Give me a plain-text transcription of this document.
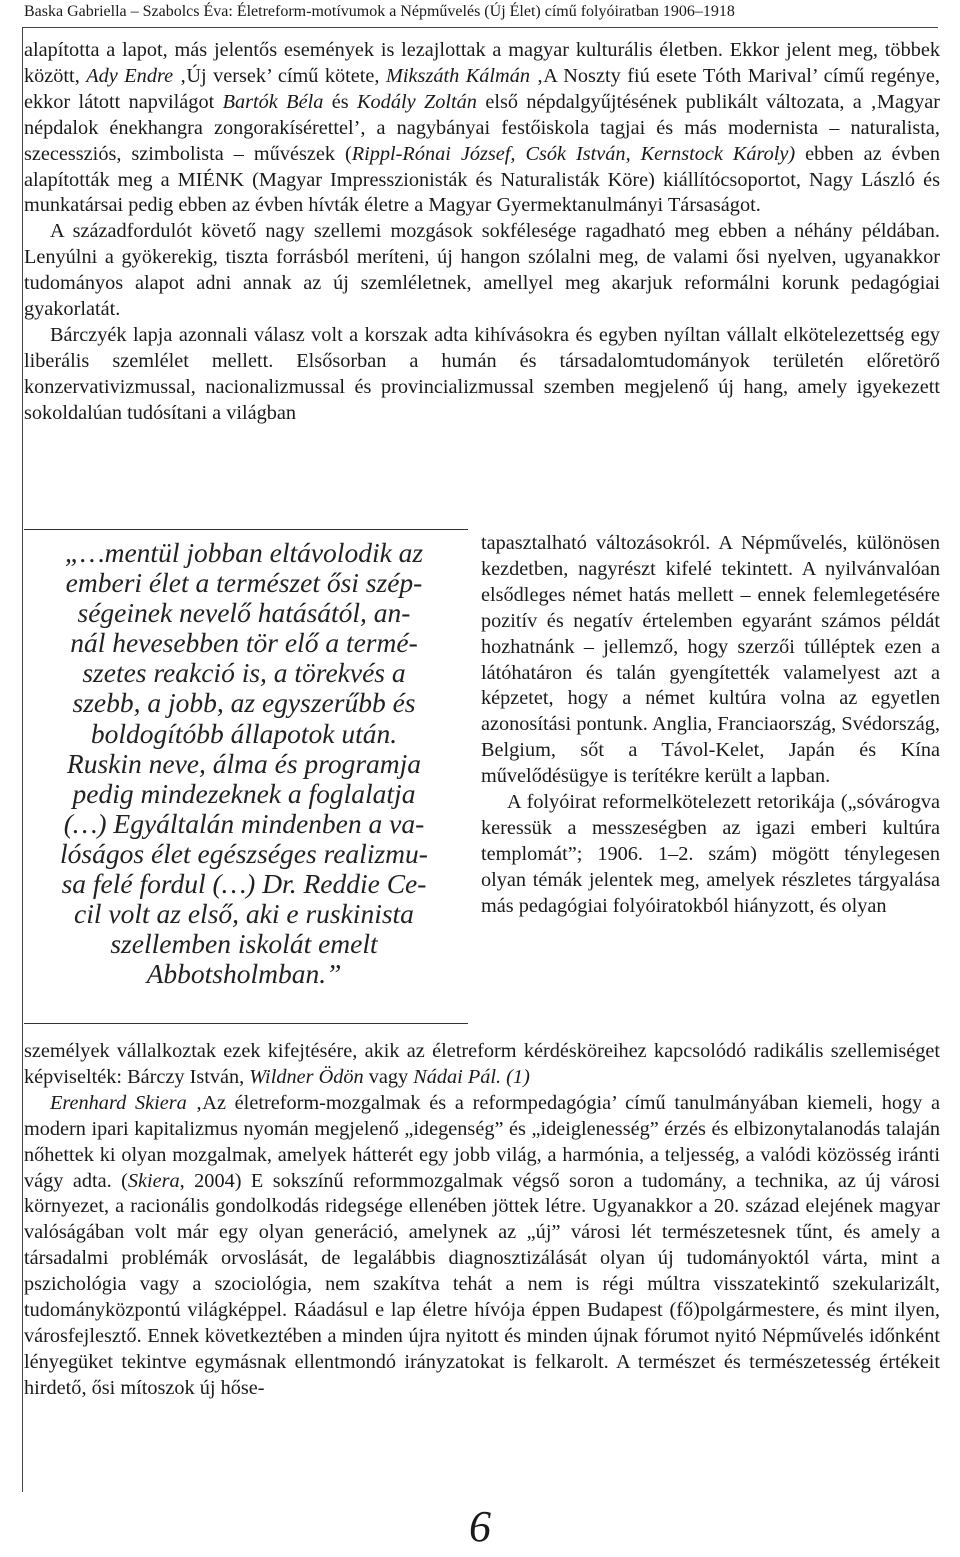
Baska Gabriella – Szabolcs Éva: Életreform-motívumok a Népművelés (Új Élet) című folyóiratban 1906–1918

alapította a lapot, más jelentős események is lezajlottak a magyar kulturális életben. Ekkor jelent meg, többek között, Ady Endre ‚Új versek’ című kötete, Mikszáth Kálmán ‚A Noszty fiú esete Tóth Marival’ című regénye, ekkor látott napvilágot Bartók Béla és Kodály Zoltán első népdalgyűjtésének publikált változata, a ‚Magyar népdalok énekhangra zongorakísérettel’, a nagybányai festőiskola tagjai és más modernista – naturalista, szecessziós, szimbolista – művészek (Rippl-Rónai József, Csók István, Kernstock Károly) ebben az évben alapították meg a MIÉNK (Magyar Impresszionisták és Naturalisták Köre) kiállítócsoportot, Nagy László és munkatársai pedig ebben az évben hívták életre a Magyar Gyermektanulmányi Társaságot.

A századfordulót követő nagy szellemi mozgások sokfélesége ragadható meg ebben a néhány példában. Lenyúlni a gyökerekig, tiszta forrásból meríteni, új hangon szólalni meg, de valami ősi nyelven, ugyanakkor tudományos alapot adni annak az új szemléletnek, amellyel meg akarjuk reformálni korunk pedagógiai gyakorlatát.

Bárczyék lapja azonnali válasz volt a korszak adta kihívásokra és egyben nyíltan vállalt elkötelezettség egy liberális szemlélet mellett. Elsősorban a humán és társadalomtudományok területén előretörő konzervativizmussal, nacionalizmussal és provincializmussal szemben megjelenő új hang, amely igyekezett sokoldalúan tudósítani a világban

„…mentül jobban eltávolodik az
emberi élet a természet ősi szép-
ségeinek nevelő hatásától, an-
nál hevesebben tör elő a termé-
szetes reakció is, a törekvés a
szebb, a jobb, az egyszerűbb és
boldogítóbb állapotok után.
Ruskin neve, álma és programja
pedig mindezeknek a foglalatja
(…) Egyáltalán mindenben a va-
lóságos élet egészséges realizmu-
sa felé fordul (…) Dr. Reddie Ce-
cil volt az első, aki e ruskinista
szellemben iskolát emelt
Abbotsholmban.”

tapasztalható változásokról. A Népművelés, különösen kezdetben, nagyrészt kifelé tekintett. A nyilvánvalóan elsődleges német hatás mellett – ennek felemlegetésére pozitív és negatív értelemben egyaránt számos példát hozhatnánk – jellemző, hogy szerzői túlléptek ezen a látóhatáron és talán gyengítették valamelyest azt a képzetet, hogy a német kultúra volna az egyetlen azonosítási pontunk. Anglia, Franciaország, Svédország, Belgium, sőt a Távol-Kelet, Japán és Kína művelődésügye is terítékre került a lapban.

A folyóirat reformelkötelezett retorikája („sóvárogva keressük a messzeségben az igazi emberi kultúra templomát”; 1906. 1–2. szám) mögött ténylegesen olyan témák jelentek meg, amelyek részletes tárgyalása más pedagógiai folyóiratokból hiányzott, és olyan

személyek vállalkoztak ezek kifejtésére, akik az életreform kérdésköreihez kapcsolódó radikális szellemiséget képviselték: Bárczy István, Wildner Ödön vagy Nádai Pál. (1)

Erenhard Skiera ‚Az életreform-mozgalmak és a reformpedagógia’ című tanulmányában kiemeli, hogy a modern ipari kapitalizmus nyomán megjelenő „idegenség” és „ideiglenesség” érzés és elbizonytalanodás talaján nőhettek ki olyan mozgalmak, amelyek hátterét egy jobb világ, a harmónia, a teljesség, a valódi közösség iránti vágy adta. (Skiera, 2004) E sokszínű reformmozgalmak végső soron a tudomány, a technika, az új városi környezet, a racionális gondolkodás ridegsége ellenében jöttek létre. Ugyanakkor a 20. század elejének magyar valóságában volt már egy olyan generáció, amelynek az „új” városi lét természetesnek tűnt, és amely a társadalmi problémák orvoslását, de legalábbis diagnosztizálását olyan új tudományoktól várta, mint a pszichológia vagy a szociológia, nem szakítva tehát a nem is régi múltra visszatekintő szekularizált, tudományközpontú világképpel. Ráadásul e lap életre hívója éppen Budapest (fő)polgármestere, és mint ilyen, városfejlesztő. Ennek következtében a minden újra nyitott és minden újnak fórumot nyitó Népművelés időnként lényegüket tekintve egymásnak ellentmondó irányzatokat is felkarolt. A természet és természetesség értékeit hirdető, ősi mítoszok új hőse-

6
